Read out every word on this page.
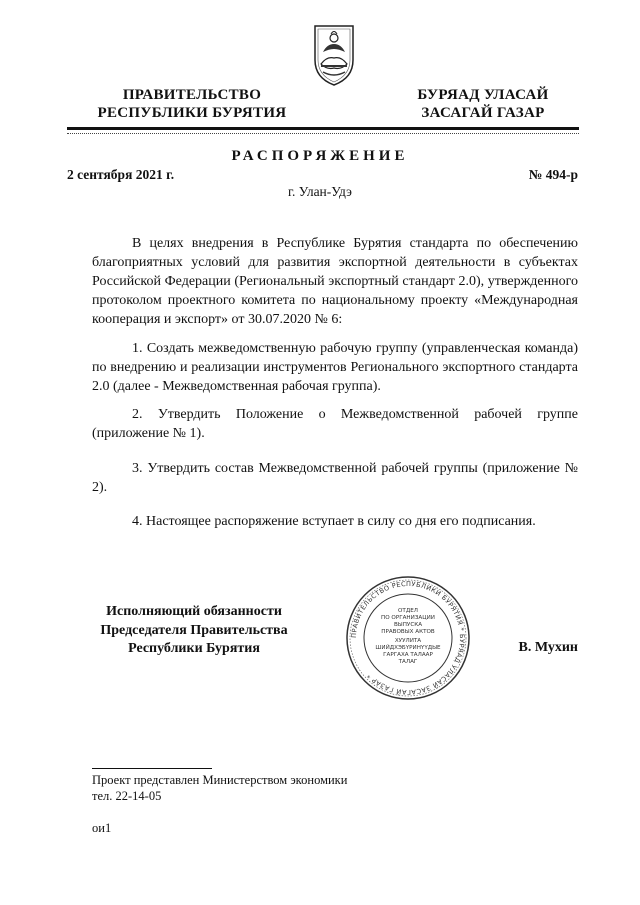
ПРАВИТЕЛЬСТВО
РЕСПУБЛИКИ БУРЯТИЯ
БУРЯАД УЛАСАЙ
ЗАСАГАЙ ГАЗАР
РАСПОРЯЖЕНИЕ
2 сентября 2021 г.	№ 494-р
г. Улан-Удэ

В целях внедрения в Республике Бурятия стандарта по обеспечению благоприятных условий для развития экспортной деятельности в субъектах Российской Федерации (Региональный экспортный стандарт 2.0), утвержденного протоколом проектного комитета по национальному проекту «Международная кооперация и экспорт» от 30.07.2020 № 6:

1. Создать межведомственную рабочую группу (управленческая команда) по внедрению и реализации инструментов Регионального экспортного стандарта 2.0 (далее - Межведомственная рабочая группа).

2. Утвердить Положение о Межведомственной рабочей группе (приложение № 1).

3. Утвердить состав Межведомственной рабочей группы (приложение № 2).

4. Настоящее распоряжение вступает в силу со дня его подписания.

Исполняющий обязанности
Председателя Правительства
Республики Бурятия	В. Мухин
ПРАВИТЕЛЬСТВО РЕСПУБЛИКИ БУРЯТИЯ * БУРЯАД УЛАСАЙ ЗАСАГАЙ ГАЗАР *
ОТДЕЛ
ПО ОРГАНИЗАЦИИ
ВЫПУСКА
ПРАВОВЫХ АКТОВ
ХУУЛИТА
ШИЙДХЭБҮРИНҮҮДЫЕ
ГАРГАХА ТАЛААР
ТАЛАГ
Проект представлен Министерством экономики
тел. 22-14-05
ои1
